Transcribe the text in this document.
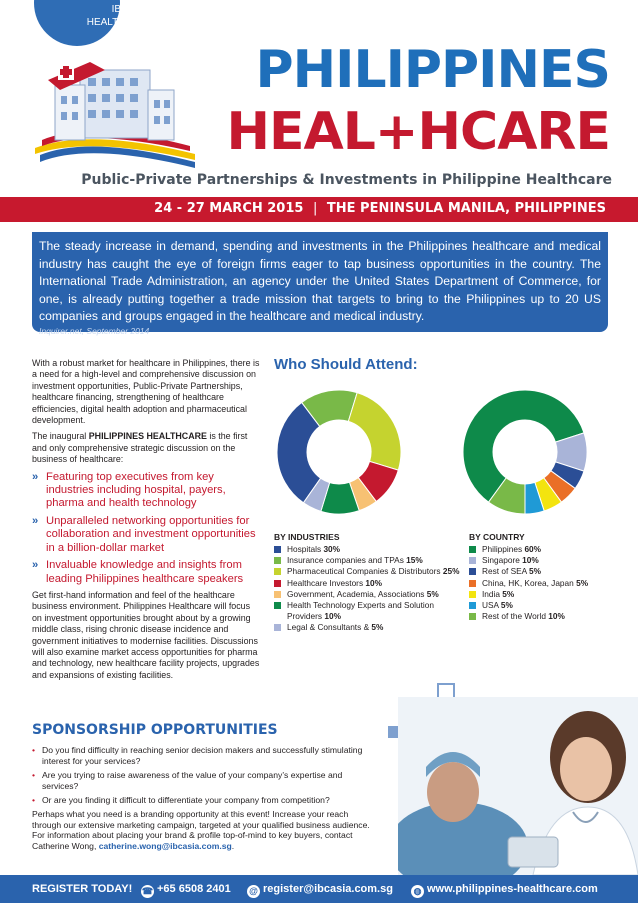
IBC
HEALTHCARE
PHILIPPINES
HEAL+HCARE
Public-Private Partnerships & Investments in Philippine Healthcare
24 - 27 MARCH 2015 | THE PENINSULA MANILA, PHILIPPINES
The steady increase in demand, spending and investments in the Philippines healthcare and medical industry has caught the eye of foreign firms eager to tap business opportunities in the country. The International Trade Administration, an agency under the United States Department of Commerce, for one, is already putting together a trade mission that targets to bring to the Philippines up to 20 US companies and groups engaged in the healthcare and medical industry.
Inquirer.net, September 2014

With a robust market for healthcare in Philippines, there is a need for a high-level and comprehensive discussion on investment opportunities, Public-Private Partnerships, healthcare financing, strengthening of healthcare efficiencies, digital health adoption and pharmaceutical development.

The inaugural PHILIPPINES HEALTHCARE is the first and only comprehensive strategic discussion on the business of healthcare:

» Featuring top executives from key industries including hospital, payers, pharma and health technology
» Unparalleled networking opportunities for collaboration and investment opportunities in a billion-dollar market
» Invaluable knowledge and insights from leading Philippines healthcare speakers

Get first-hand information and feel of the healthcare business environment. Philippines Healthcare will focus on investment opportunities brought about by a growing middle class, rising chronic disease incidence and government initiatives to modernise facilities. Discussions will also examine market access opportunities for pharma and technology, new healthcare facility projects, upgrades and expansions of existing facilities.

Who Should Attend:
BY INDUSTRIES
Hospitals 30%
Insurance companies and TPAs 15%
Pharmaceutical Companies & Distributors 25%
Healthcare Investors 10%
Government, Academia, Associations 5%
Health Technology Experts and Solution Providers 10%
Legal & Consultants & 5%
BY COUNTRY
Philippines 60%
Singapore 10%
Rest of SEA 5%
China, HK, Korea, Japan 5%
India 5%
USA 5%
Rest of the World 10%
SPONSORSHIP OPPORTUNITIES
• Do you find difficulty in reaching senior decision makers and successfully stimulating interest for your services?
• Are you trying to raise awareness of the value of your company’s expertise and services?
• Or are you finding it difficult to differentiate your company from competition?
Perhaps what you need is a branding opportunity at this event! Increase your reach through our extensive marketing campaign, targeted at your qualified business audience. For information about placing your brand & profile top-of-mind to key buyers, contact Catherine Wong, catherine.wong@ibcasia.com.sg.
REGISTER TODAY! ☎ +65 6508 2401 @ register@ibcasia.com.sg ◍ www.philippines-healthcare.com
